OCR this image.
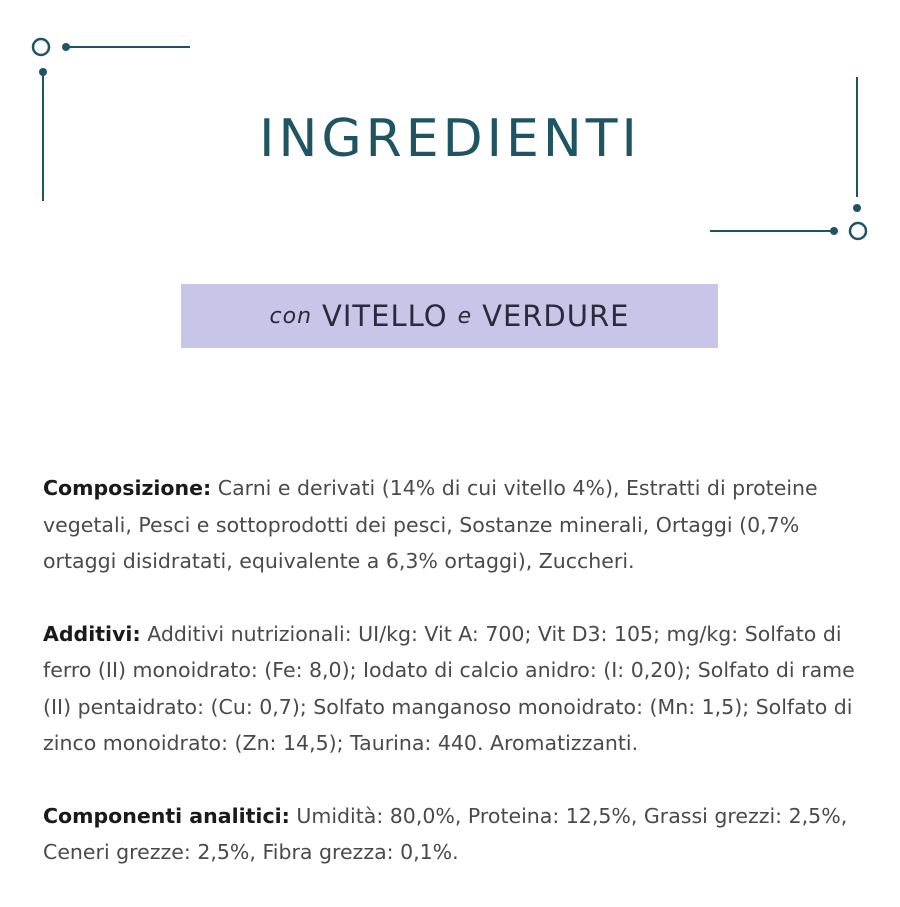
INGREDIENTI
con VITELLO e VERDURE

Composizione: Carni e derivati (14% di cui vitello 4%), Estratti di proteine vegetali, Pesci e sottoprodotti dei pesci, Sostanze minerali, Ortaggi (0,7% ortaggi disidratati, equivalente a 6,3% ortaggi), Zuccheri.

Additivi: Additivi nutrizionali: UI/kg: Vit A: 700; Vit D3: 105; mg/kg: Solfato di ferro (II) monoidrato: (Fe: 8,0); Iodato di calcio anidro: (I: 0,20); Solfato di rame (II) pentaidrato: (Cu: 0,7); Solfato manganoso monoidrato: (Mn: 1,5); Solfato di zinco monoidrato: (Zn: 14,5); Taurina: 440. Aromatizzanti.

Componenti analitici: Umidità: 80,0%, Proteina: 12,5%, Grassi grezzi: 2,5%, Ceneri grezze: 2,5%, Fibra grezza: 0,1%.
